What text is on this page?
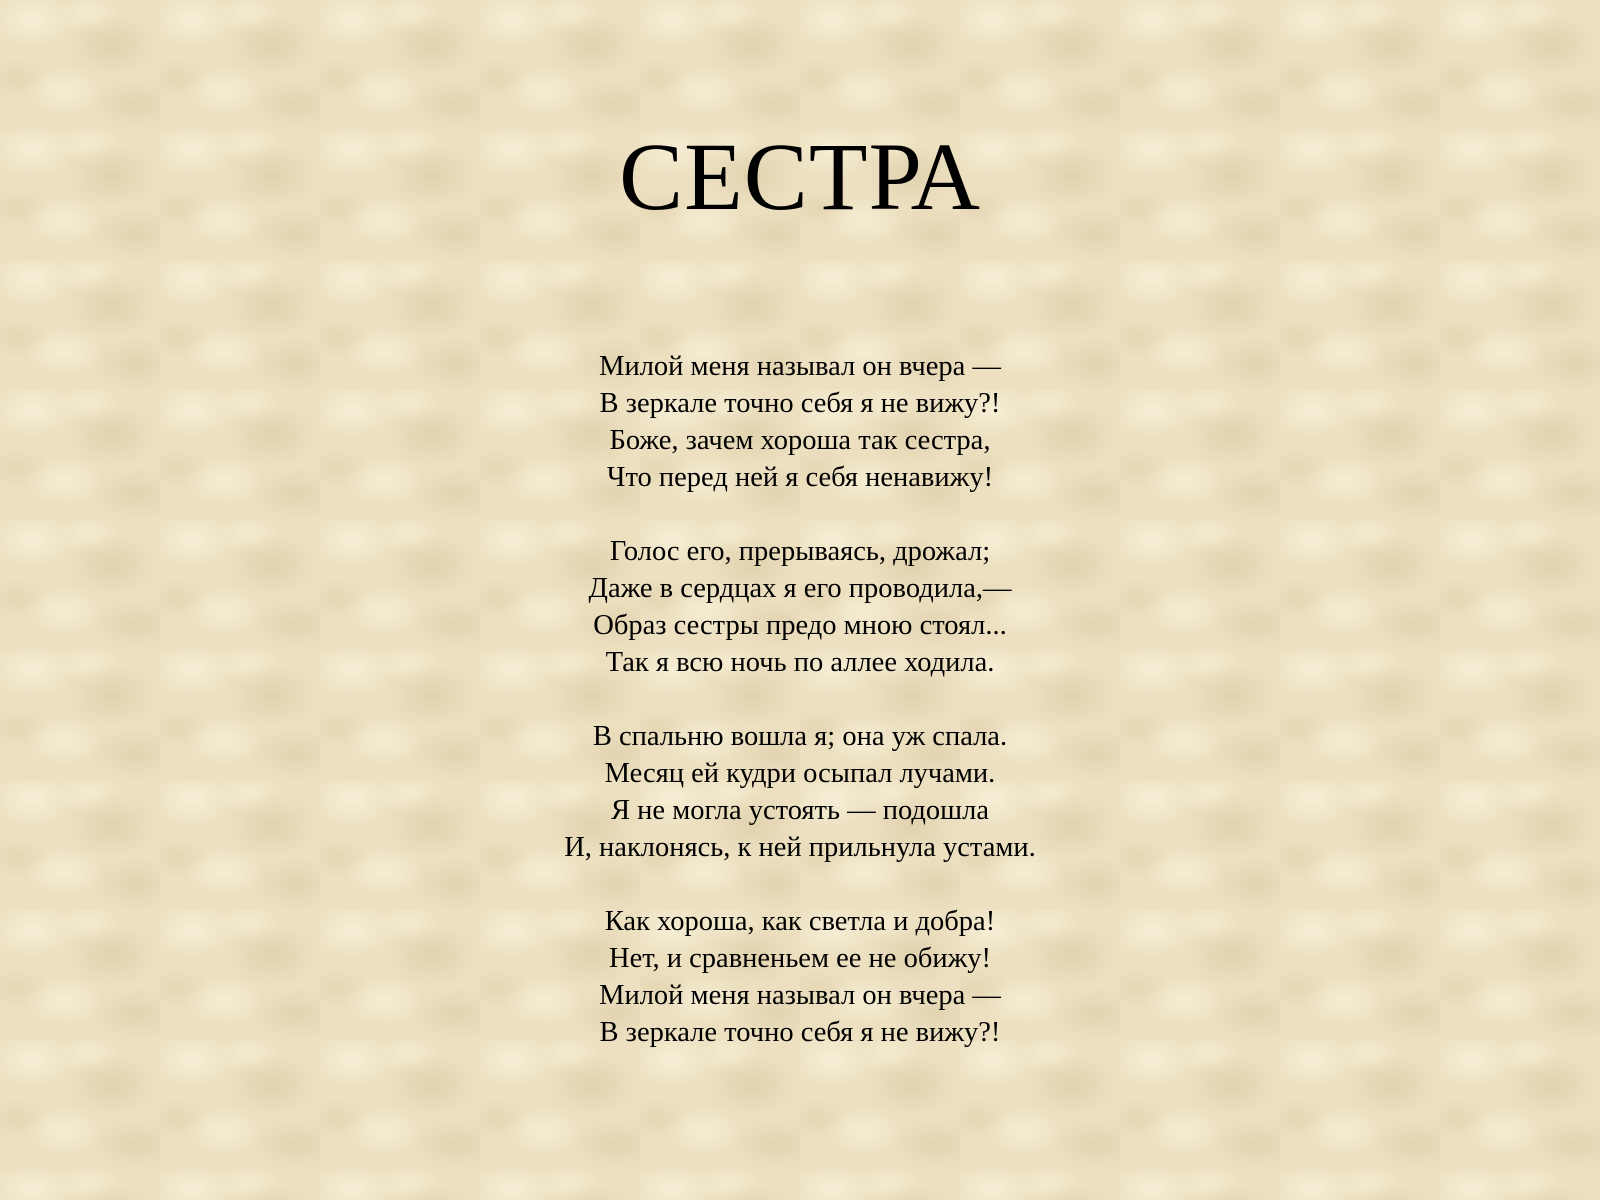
СЕСТРА
Милой меня называл он вчера —
В зеркале точно себя я не вижу?!
Боже, зачем хороша так сестра,
Что перед ней я себя ненавижу!
Голос его, прерываясь, дрожал;
Даже в сердцах я его проводила,—
Образ сестры предо мною стоял...
Так я всю ночь по аллее ходила.
В спальню вошла я; она уж спала.
Месяц ей кудри осыпал лучами.
Я не могла устоять — подошла
И, наклонясь, к ней прильнула устами.
Как хороша, как светла и добра!
Нет, и сравненьем ее не обижу!
Милой меня называл он вчера —
В зеркале точно себя я не вижу?!
